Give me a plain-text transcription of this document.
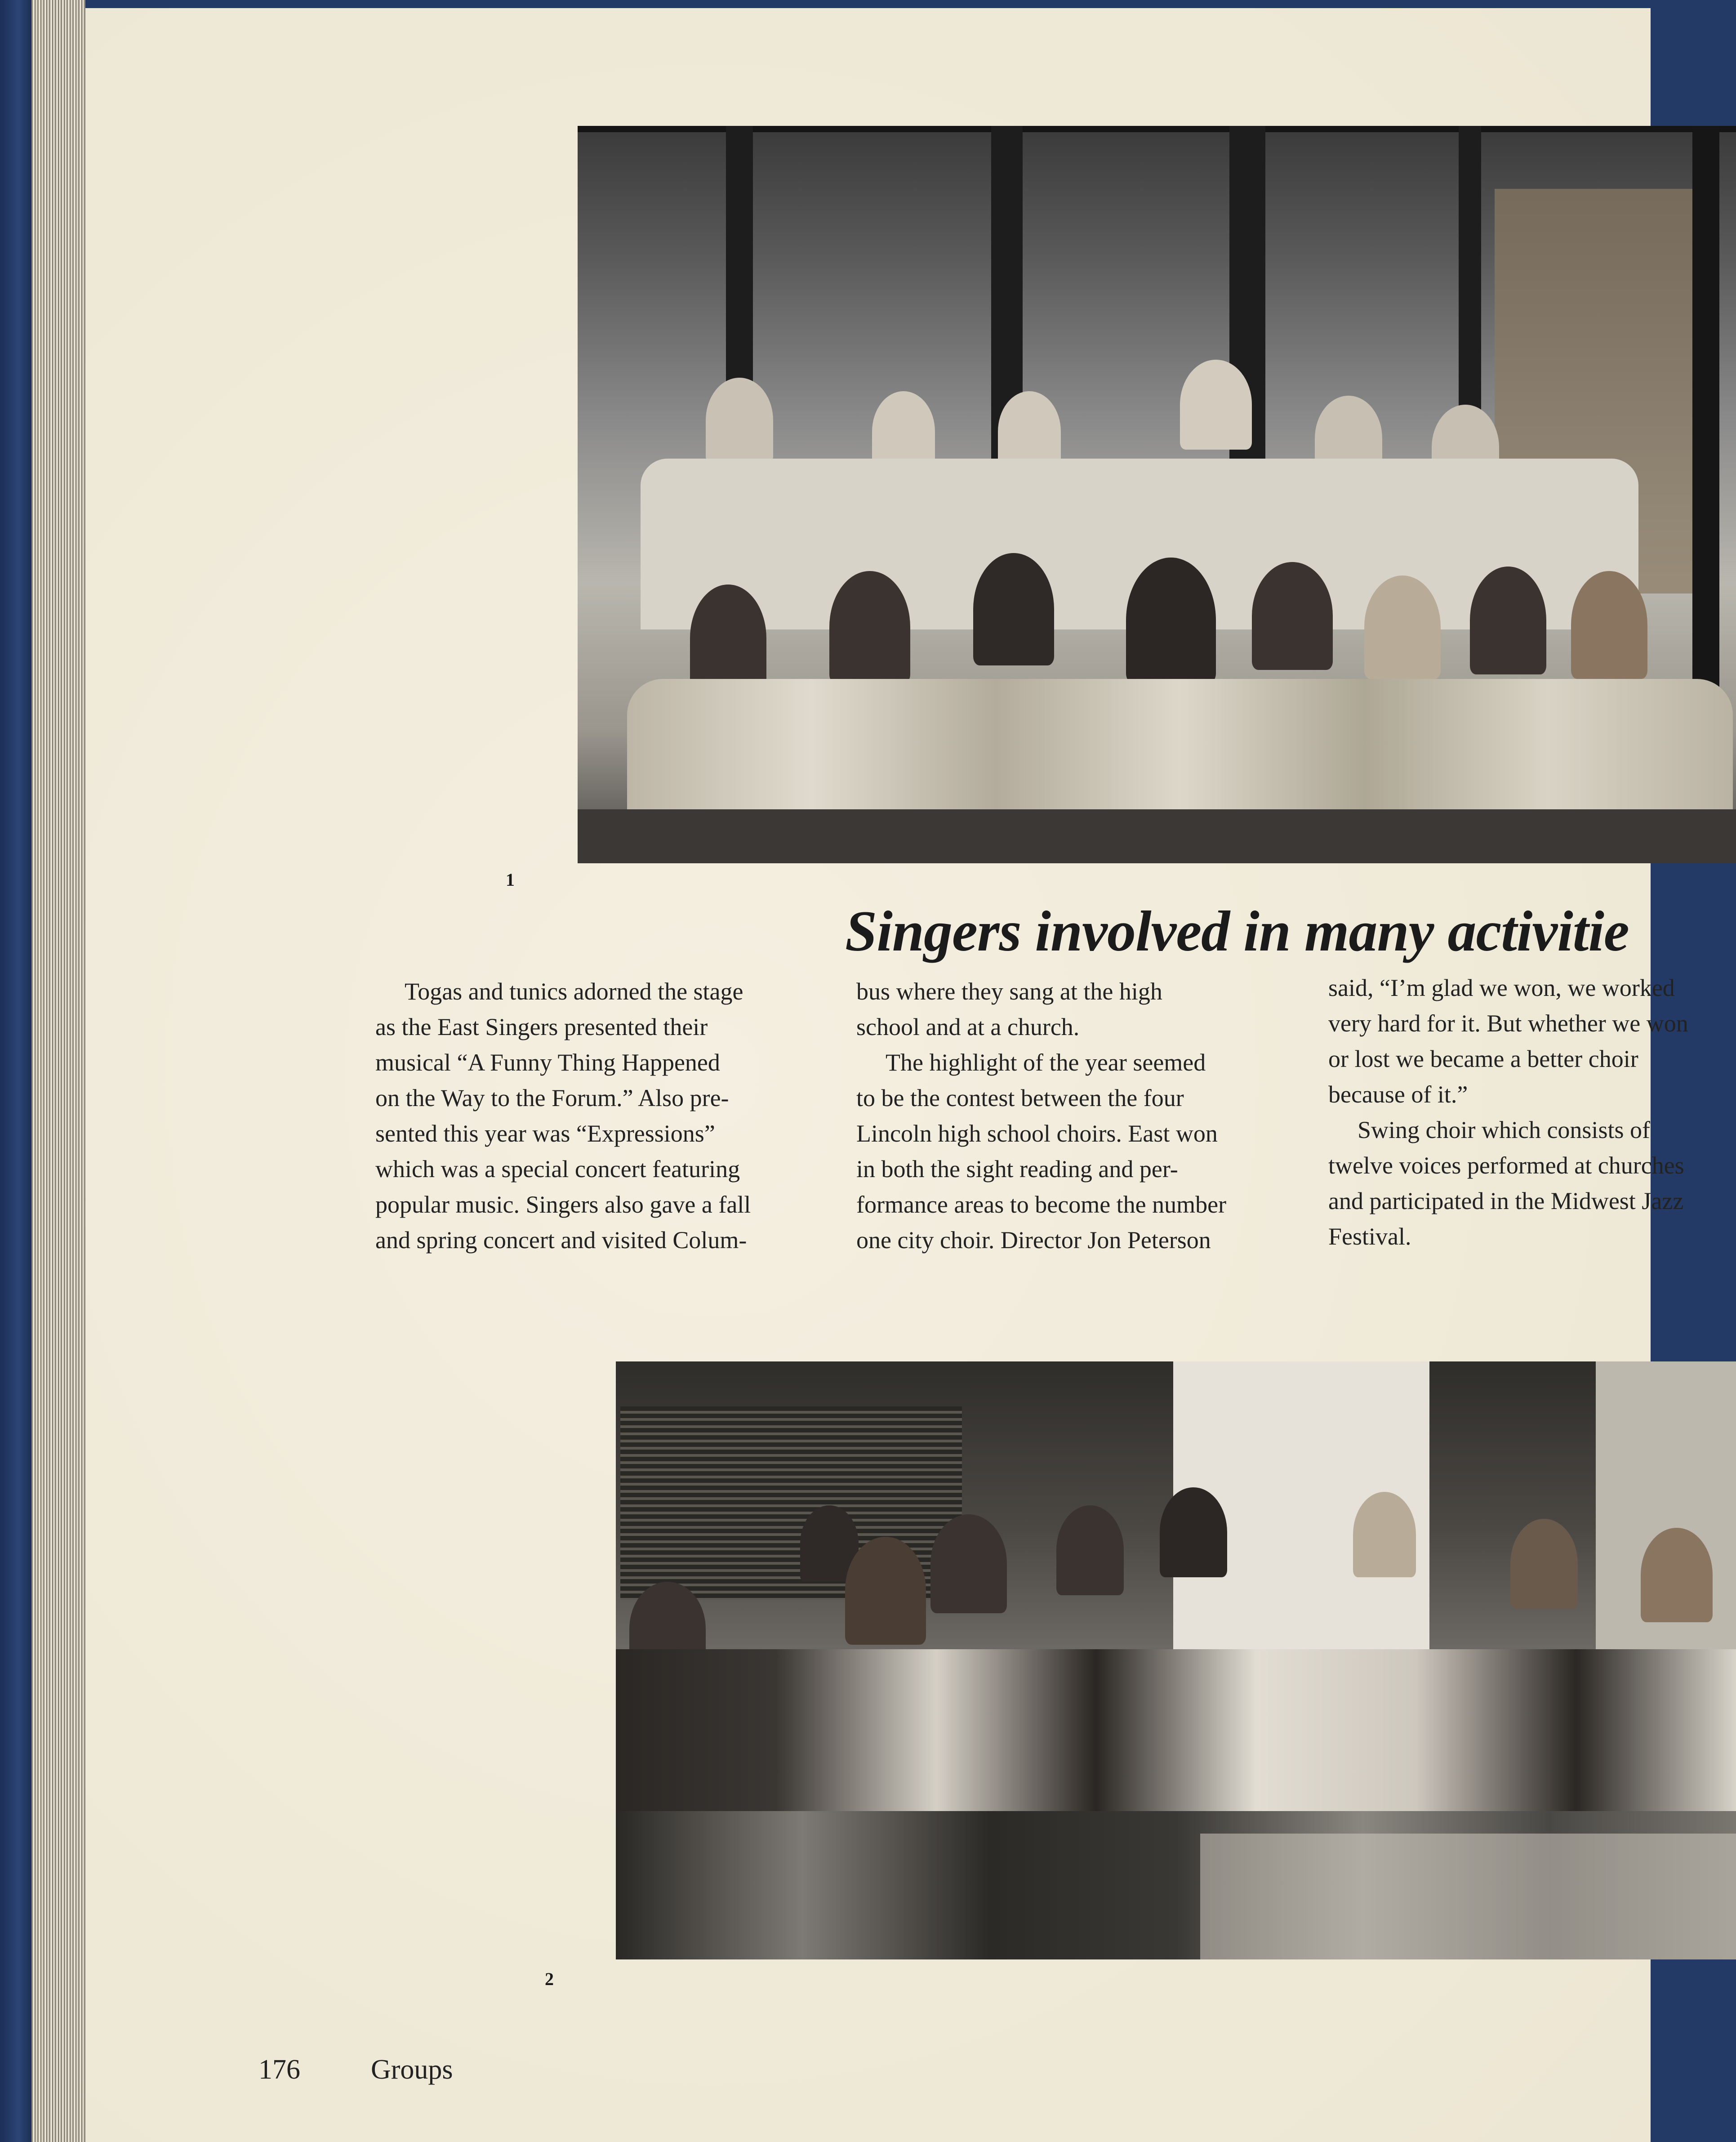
1
Singers involved in many activitie

Togas and tunics adorned the stage

as the East Singers presented their

musical “A Funny Thing Happened

on the Way to the Forum.” Also pre-

sented this year was “Expressions”

which was a special concert featuring

popular music. Singers also gave a fall

and spring concert and visited Colum-

bus where they sang at the high

school and at a church.

The highlight of the year seemed

to be the contest between the four

Lincoln high school choirs. East won

in both the sight reading and per-

formance areas to become the number

one city choir. Director Jon Peterson

said, “I’m glad we won, we worked

very hard for it. But whether we won

or lost we became a better choir

because of it.”

Swing choir which consists of

twelve voices performed at churches

and participated in the Midwest Jazz

Festival.

2
176	Groups
